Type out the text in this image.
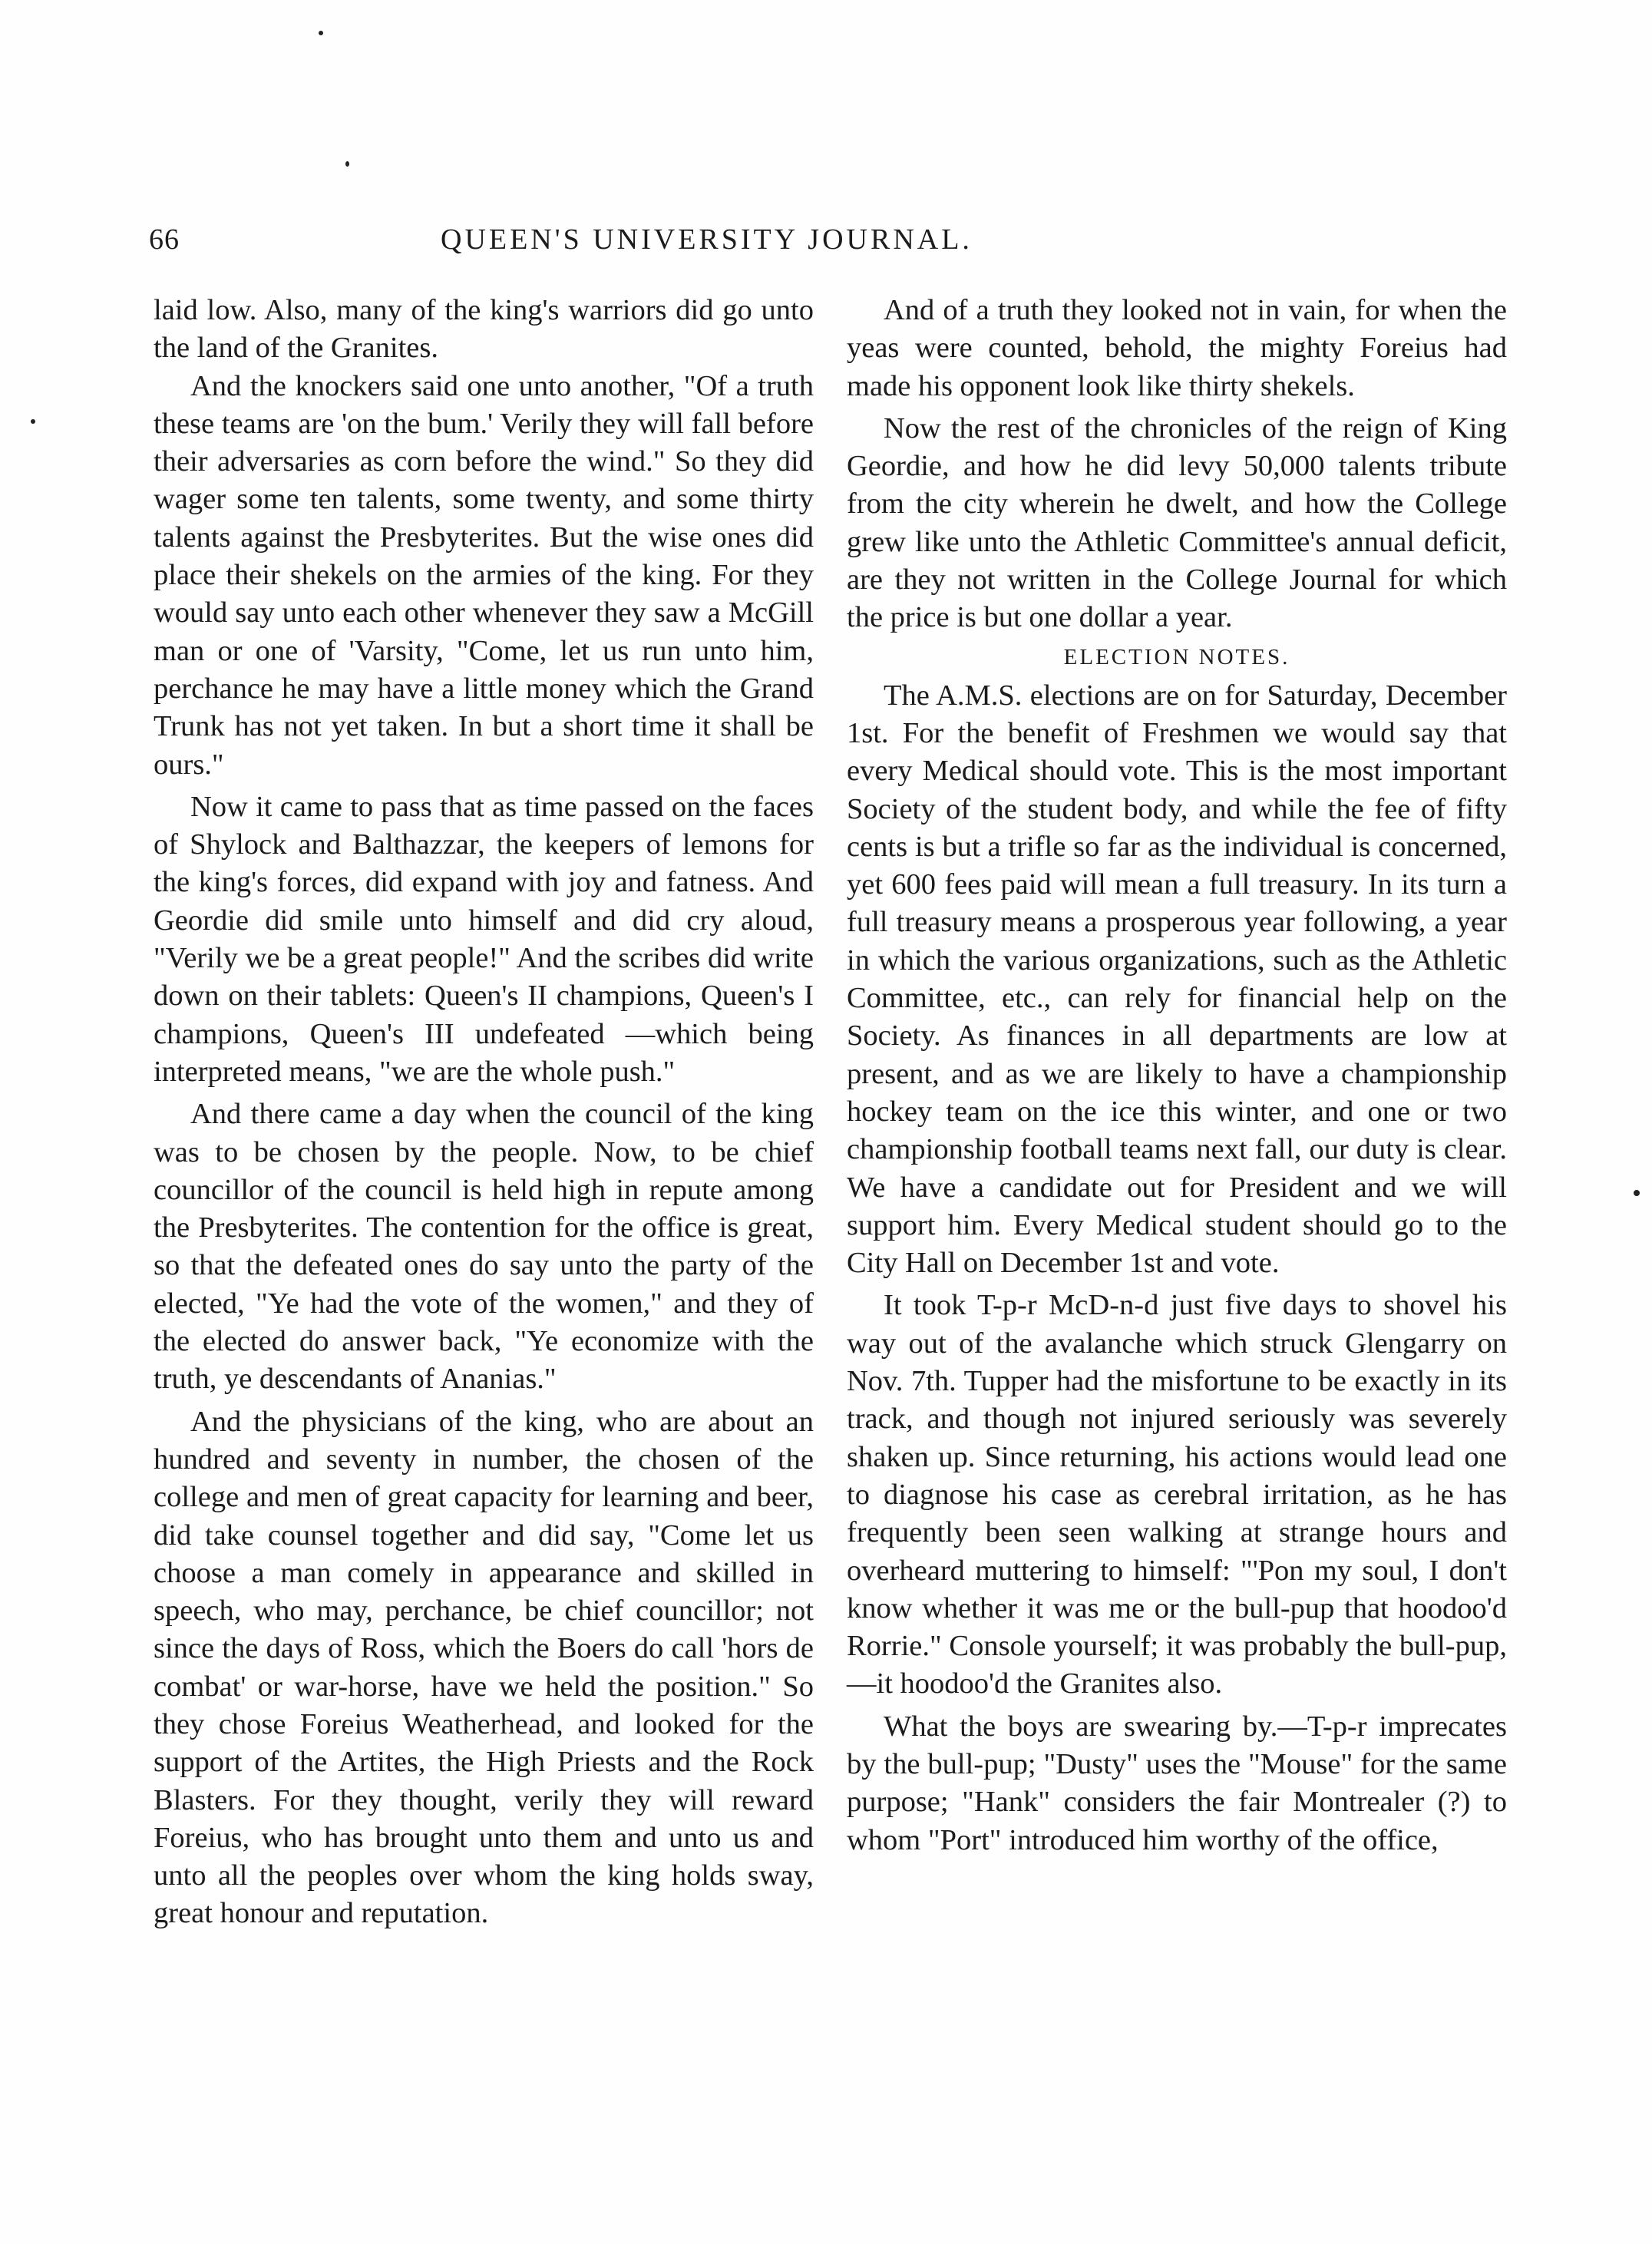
66	QUEEN'S UNIVERSITY JOURNAL.

laid low. Also, many of the king's warriors did go unto the land of the Granites.

And the knockers said one unto another, "Of a truth these teams are 'on the bum.' Verily they will fall before their adversaries as corn before the wind." So they did wager some ten talents, some twenty, and some thirty talents against the Presbyterites. But the wise ones did place their shekels on the armies of the king. For they would say unto each other whenever they saw a McGill man or one of 'Varsity, "Come, let us run unto him, perchance he may have a little money which the Grand Trunk has not yet taken. In but a short time it shall be ours."

Now it came to pass that as time passed on the faces of Shylock and Balthazzar, the keepers of lemons for the king's forces, did expand with joy and fatness. And Geordie did smile unto himself and did cry aloud, "Verily we be a great people!" And the scribes did write down on their tablets: Queen's II champions, Queen's I champions, Queen's III undefeated —which being interpreted means, "we are the whole push."

And there came a day when the council of the king was to be chosen by the people. Now, to be chief councillor of the council is held high in repute among the Presbyterites. The contention for the office is great, so that the defeated ones do say unto the party of the elected, "Ye had the vote of the women," and they of the elected do answer back, "Ye economize with the truth, ye descendants of Ananias."

And the physicians of the king, who are about an hundred and seventy in number, the chosen of the college and men of great capacity for learning and beer, did take counsel together and did say, "Come let us choose a man comely in appearance and skilled in speech, who may, perchance, be chief councillor; not since the days of Ross, which the Boers do call 'hors de combat' or war-horse, have we held the position." So they chose Foreius Weatherhead, and looked for the support of the Artites, the High Priests and the Rock Blasters. For they thought, verily they will reward Foreius, who has brought unto them and unto us and unto all the peoples over whom the king holds sway, great honour and reputation.

And of a truth they looked not in vain, for when the yeas were counted, behold, the mighty Foreius had made his opponent look like thirty shekels.

Now the rest of the chronicles of the reign of King Geordie, and how he did levy 50,000 talents tribute from the city wherein he dwelt, and how the College grew like unto the Athletic Committee's annual deficit, are they not written in the College Journal for which the price is but one dollar a year.

ELECTION NOTES.

The A.M.S. elections are on for Saturday, December 1st. For the benefit of Freshmen we would say that every Medical should vote. This is the most important Society of the student body, and while the fee of fifty cents is but a trifle so far as the individual is concerned, yet 600 fees paid will mean a full treasury. In its turn a full treasury means a prosperous year following, a year in which the various organizations, such as the Athletic Committee, etc., can rely for financial help on the Society. As finances in all departments are low at present, and as we are likely to have a championship hockey team on the ice this winter, and one or two championship football teams next fall, our duty is clear. We have a candidate out for President and we will support him. Every Medical student should go to the City Hall on December 1st and vote.

It took T-p-r McD-n-d just five days to shovel his way out of the avalanche which struck Glengarry on Nov. 7th. Tupper had the misfortune to be exactly in its track, and though not injured seriously was severely shaken up. Since returning, his actions would lead one to diagnose his case as cerebral irritation, as he has frequently been seen walking at strange hours and overheard muttering to himself: "'Pon my soul, I don't know whether it was me or the bull-pup that hoodoo'd Rorrie." Console yourself; it was probably the bull-pup,—it hoodoo'd the Granites also.

What the boys are swearing by.—T-p-r imprecates by the bull-pup; "Dusty" uses the "Mouse" for the same purpose; "Hank" considers the fair Montrealer (?) to whom "Port" introduced him worthy of the office,
